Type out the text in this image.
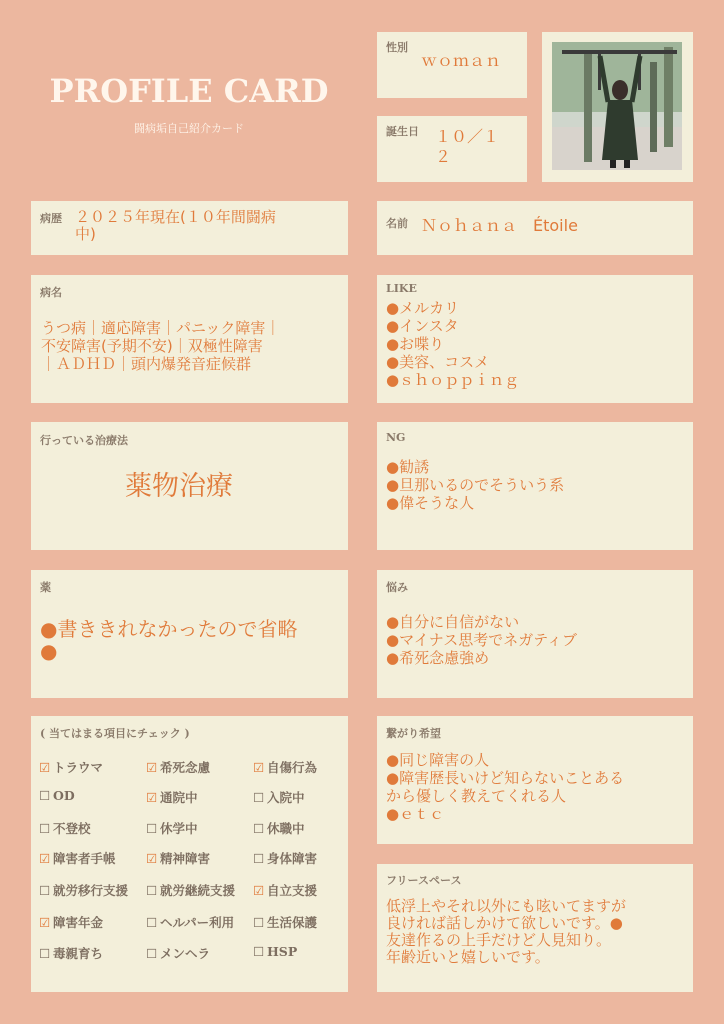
PROFILE CARD
闘病垢自己紹介カード
性別
ｗｏｍａｎ
誕生日 １０／１
２
病歴 ２０２５年現在(１０年間闘病
中)
名前 Ｎｏｈａｎａ　Étoile
病名
うつ病｜適応障害｜パニック障害｜
不安障害(予期不安)｜双極性障害
｜ＡＤＨＤ｜頭内爆発音症候群
LIKE
●メルカリ
●インスタ
●お喋り
●美容、コスメ
●ｓｈｏｐｐｉｎｇ
行っている治療法
薬物治療
NG
●勧誘
●旦那いるのでそういう系
●偉そうな人
薬
●書ききれなかったので省略
●
悩み
●自分に自信がない
●マイナス思考でネガティブ
●希死念慮強め
( 当てはまる項目にチェック )
☑ トラウマ	☑ 希死念慮	☑ 自傷行為
☐ OD	☑ 通院中	☐ 入院中
☐ 不登校	☐ 休学中	☐ 休職中
☑ 障害者手帳 ☑ 精神障害	☐ 身体障害
☐ 就労移行支援 ☐ 就労継続支援 ☑ 自立支援
☑ 障害年金	☐ ヘルパー利用 ☐ 生活保護
☐ 毒親育ち	☐ メンヘラ	☐ HSP
繋がり希望
●同じ障害の人
●障害歴長いけど知らないことある
から優しく教えてくれる人
●ｅｔｃ
フリースペース
低浮上やそれ以外にも呟いてますが
良ければ話しかけて欲しいです。●
友達作るの上手だけど人見知り。
年齢近いと嬉しいです。
